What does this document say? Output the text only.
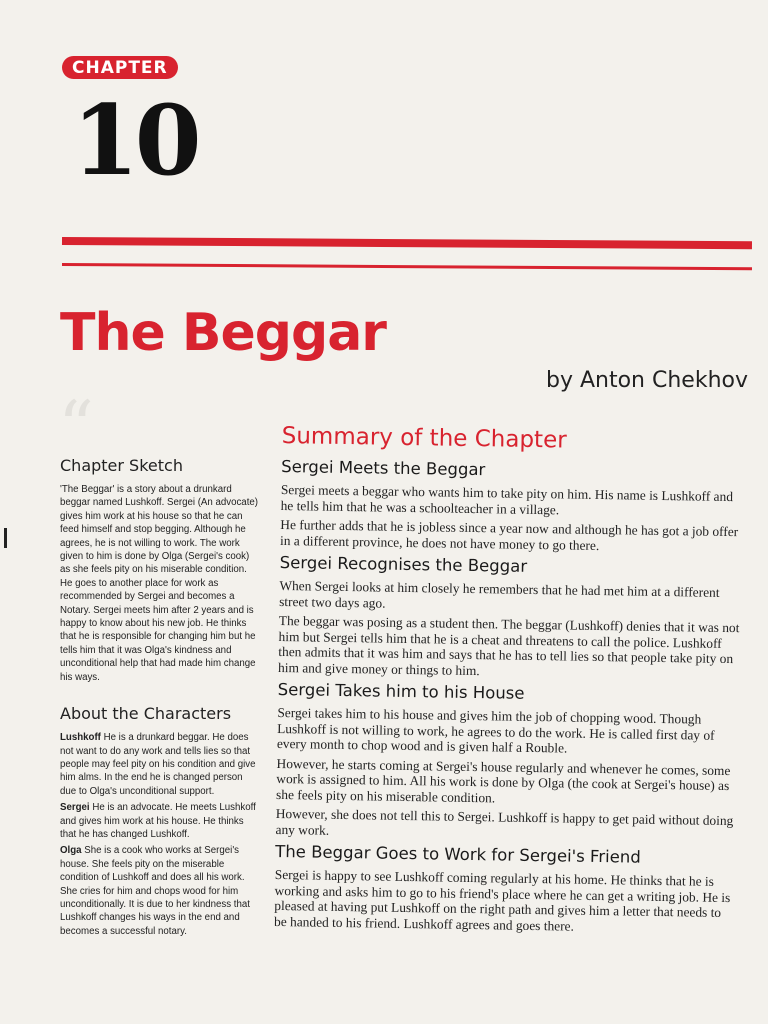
CHAPTER
10
The Beggar
by Anton Chekhov
“
Chapter Sketch

'The Beggar' is a story about a drunkard beggar named Lushkoff. Sergei (An advocate) gives him work at his house so that he can feed himself and stop begging. Although he agrees, he is not willing to work. The work given to him is done by Olga (Sergei's cook) as she feels pity on his miserable condition. He goes to another place for work as recommended by Sergei and becomes a Notary. Sergei meets him after 2 years and is happy to know about his new job. He thinks that he is responsible for changing him but he tells him that it was Olga's kindness and unconditional help that had made him change his ways.

About the Characters

Lushkoff He is a drunkard beggar. He does not want to do any work and tells lies so that people may feel pity on his condition and give him alms. In the end he is changed person due to Olga's unconditional support.

Sergei He is an advocate. He meets Lushkoff and gives him work at his house. He thinks that he has changed Lushkoff.

Olga She is a cook who works at Sergei's house. She feels pity on the miserable condition of Lushkoff and does all his work. She cries for him and chops wood for him unconditionally. It is due to her kindness that Lushkoff changes his ways in the end and becomes a successful notary.

Summary of the Chapter
Sergei Meets the Beggar

Sergei meets a beggar who wants him to take pity on him. His name is Lushkoff and he tells him that he was a schoolteacher in a village.

He further adds that he is jobless since a year now and although he has got a job offer in a different province, he does not have money to go there.

Sergei Recognises the Beggar

When Sergei looks at him closely he remembers that he had met him at a different street two days ago.

The beggar was posing as a student then. The beggar (Lushkoff) denies that it was not him but Sergei tells him that he is a cheat and threatens to call the police. Lushkoff then admits that it was him and says that he has to tell lies so that people take pity on him and give money or things to him.

Sergei Takes him to his House

Sergei takes him to his house and gives him the job of chopping wood. Though Lushkoff is not willing to work, he agrees to do the work. He is called first day of every month to chop wood and is given half a Rouble.

However, he starts coming at Sergei's house regularly and whenever he comes, some work is assigned to him. All his work is done by Olga (the cook at Sergei's house) as she feels pity on his miserable condition.

However, she does not tell this to Sergei. Lushkoff is happy to get paid without doing any work.

The Beggar Goes to Work for Sergei's Friend

Sergei is happy to see Lushkoff coming regularly at his home. He thinks that he is working and asks him to go to his friend's place where he can get a writing job. He is pleased at having put Lushkoff on the right path and gives him a letter that needs to be handed to his friend. Lushkoff agrees and goes there.
